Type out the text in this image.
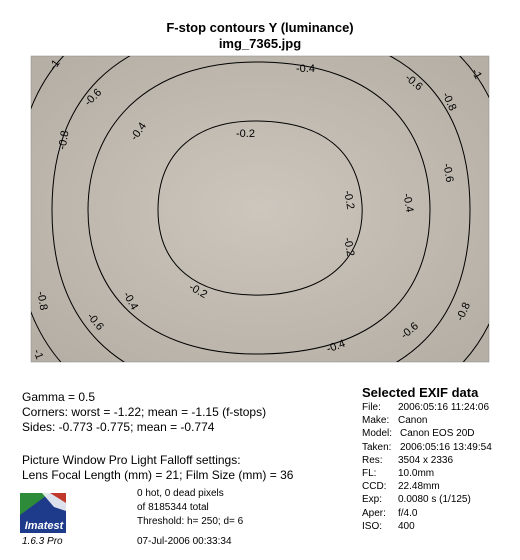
F-stop contours Y (luminance)
img_7365.jpg
-0.2
-0.2
-0.2
-0.2
-0.4
-0.4
-0.4
-0.4
-0.4
-0.6
-0.6
-0.6
-0.6	-0.6
-0.8
-0.8
-0.8	-0.8
-1
-1
-1
Gamma = 0.5
Corners: worst = -1.22; mean = -1.15 (f-stops)
Sides: -0.773 -0.775; mean = -0.774
Picture Window Pro Light Falloff settings:
Lens Focal Length (mm) = 21; Film Size (mm) = 36
0 hot, 0 dead pixels
of 8185344 total
Threshold: h= 250; d= 6
Selected EXIF data
File: 2006:05:16 11:24:06
Make: Canon
Model: Canon EOS 20D
Taken: 2006:05:16 13:49:54
Res: 3504 x 2336
FL: 10.0mm
CCD: 22.48mm
Exp: 0.0080 s (1/125)
Aper: f/4.0
ISO: 400
Imatest
1.6.3 Pro	07-Jul-2006 00:33:34
